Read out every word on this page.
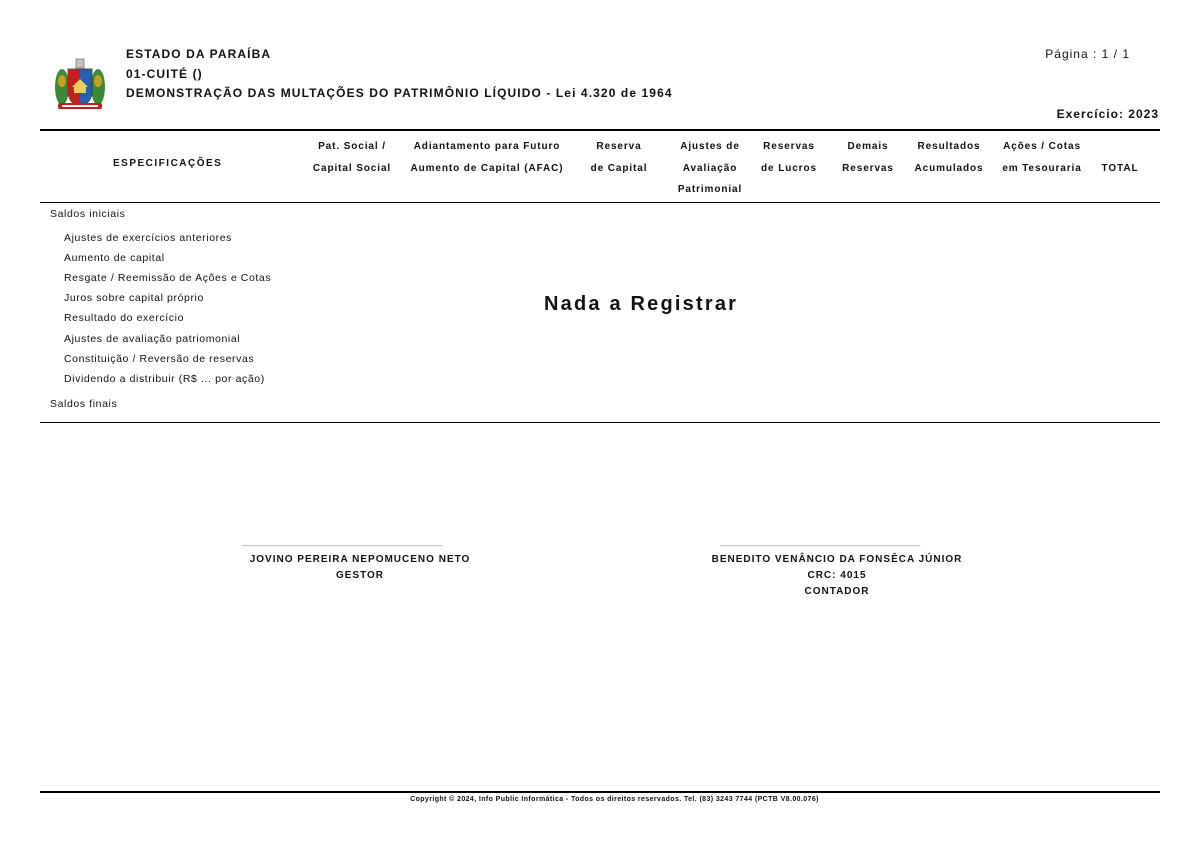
ESTADO DA PARAÍBA
01-CUITÉ ()
DEMONSTRAÇÃO DAS MULTAÇÕES DO PATRIMÔNIO LÍQUIDO - Lei 4.320 de 1964
Página : 1 / 1
Exercício: 2023
ESPECIFICAÇÕES
Pat. Social /
Capital Social
Adiantamento para Futuro
Aumento de Capital (AFAC)
Reserva
de Capital
Ajustes de
Avaliação
Patrimonial
Reservas
de Lucros
Demais
Reservas
Resultados
Acumulados
Ações / Cotas
em Tesouraria
	TOTAL
Saldos iniciais
Ajustes de exercícios anteriores
Aumento de capital
Resgate / Reemissão de Ações e Cotas
Juros sobre capital próprio
Resultado do exercício
Ajustes de avaliação patriomonial
Constituição / Reversão de reservas
Dividendo a distribuir (R$ ... por ação)
Saldos finais
Nada a Registrar
____________________________________
JOVINO PEREIRA NEPOMUCENO NETO
GESTOR
____________________________________
BENEDITO VENÂNCIO DA FONSÊCA JÚNIOR
CRC: 4015
CONTADOR
Copyright © 2024, Info Public Informática - Todos os direitos reservados. Tel. (83) 3243 7744 (PCTB V8.00.076)
